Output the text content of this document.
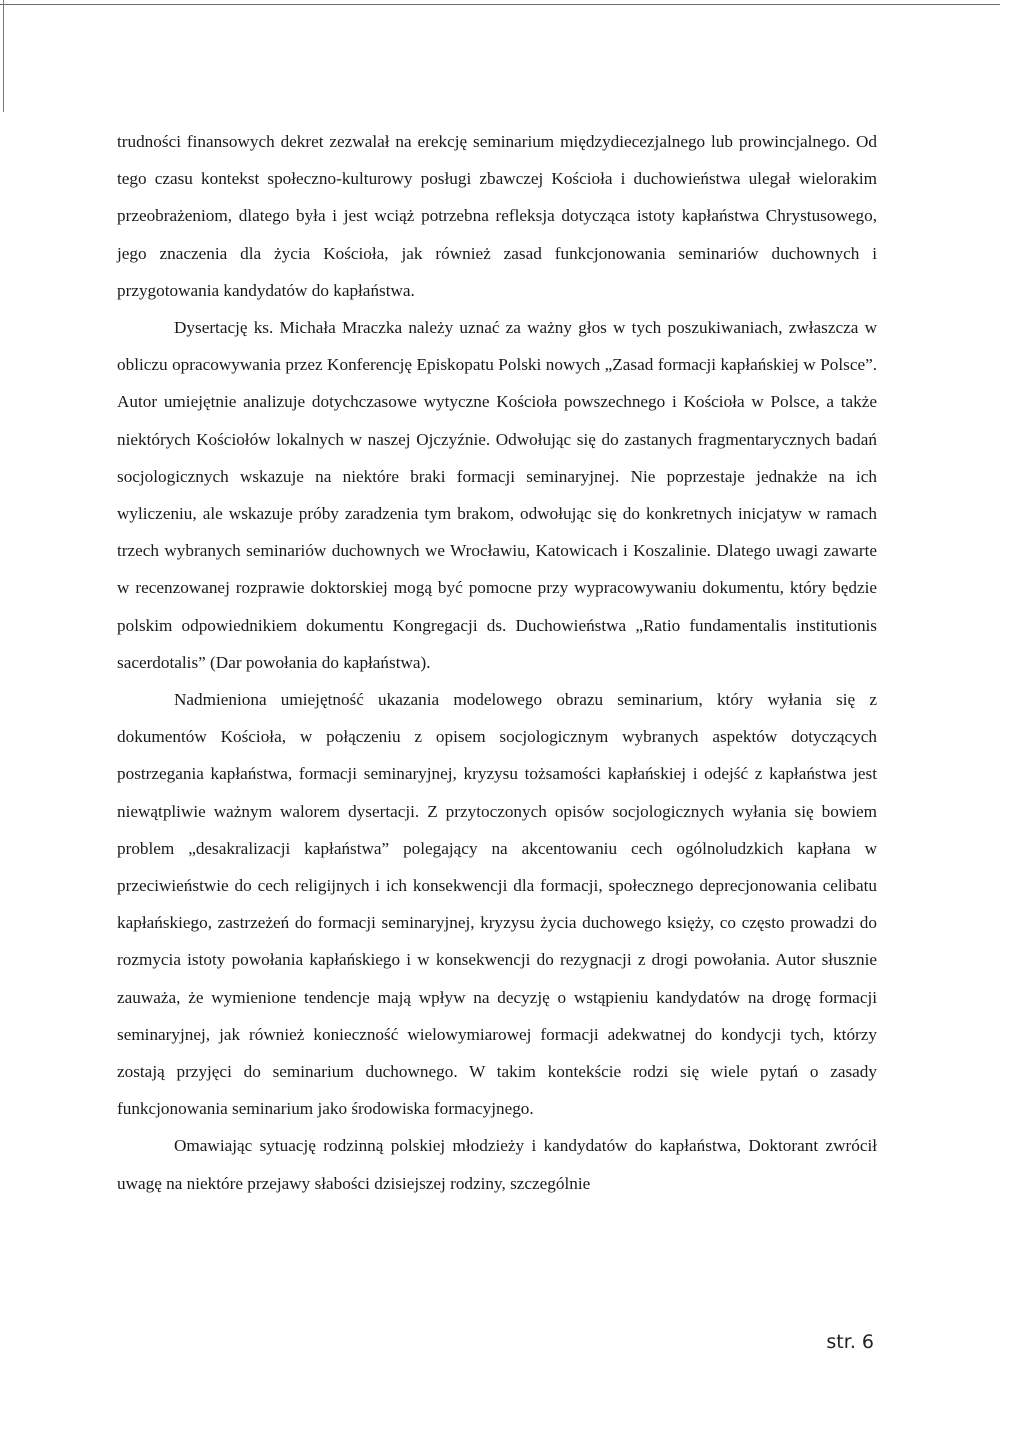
trudności finansowych dekret zezwalał na erekcję seminarium międzydiecezjalnego lub prowincjalnego. Od tego czasu kontekst społeczno-kulturowy posługi zbawczej Kościoła i duchowieństwa ulegał wielorakim przeobrażeniom, dlatego była i jest wciąż potrzebna refleksja dotycząca istoty kapłaństwa Chrystusowego, jego znaczenia dla życia Kościoła, jak również zasad funkcjonowania seminariów duchownych i przygotowania kandydatów do kapłaństwa.

Dysertację ks. Michała Mraczka należy uznać za ważny głos w tych poszukiwaniach, zwłaszcza w obliczu opracowywania przez Konferencję Episkopatu Polski nowych „Zasad formacji kapłańskiej w Polsce”. Autor umiejętnie analizuje dotychczasowe wytyczne Kościoła powszechnego i Kościoła w Polsce, a także niektórych Kościołów lokalnych w naszej Ojczyźnie. Odwołując się do zastanych fragmentarycznych badań socjologicznych wskazuje na niektóre braki formacji seminaryjnej. Nie poprzestaje jednakże na ich wyliczeniu, ale wskazuje próby zaradzenia tym brakom, odwołując się do konkretnych inicjatyw w ramach trzech wybranych seminariów duchownych we Wrocławiu, Katowicach i Koszalinie. Dlatego uwagi zawarte w recenzowanej rozprawie doktorskiej mogą być pomocne przy wypracowywaniu dokumentu, który będzie polskim odpowiednikiem dokumentu Kongregacji ds. Duchowieństwa „Ratio fundamentalis institutionis sacerdotalis” (Dar powołania do kapłaństwa).

Nadmieniona umiejętność ukazania modelowego obrazu seminarium, który wyłania się z dokumentów Kościoła, w połączeniu z opisem socjologicznym wybranych aspektów dotyczących postrzegania kapłaństwa, formacji seminaryjnej, kryzysu tożsamości kapłańskiej i odejść z kapłaństwa jest niewątpliwie ważnym walorem dysertacji. Z przytoczonych opisów socjologicznych wyłania się bowiem problem „desakralizacji kapłaństwa” polegający na akcentowaniu cech ogólnoludzkich kapłana w przeciwieństwie do cech religijnych i ich konsekwencji dla formacji, społecznego deprecjonowania celibatu kapłańskiego, zastrzeżeń do formacji seminaryjnej, kryzysu życia duchowego księży, co często prowadzi do rozmycia istoty powołania kapłańskiego i w konsekwencji do rezygnacji z drogi powołania. Autor słusznie zauważa, że wymienione tendencje mają wpływ na decyzję o wstąpieniu kandydatów na drogę formacji seminaryjnej, jak również konieczność wielowymiarowej formacji adekwatnej do kondycji tych, którzy zostają przyjęci do seminarium duchownego. W takim kontekście rodzi się wiele pytań o zasady funkcjonowania seminarium jako środowiska formacyjnego.

Omawiając sytuację rodzinną polskiej młodzieży i kandydatów do kapłaństwa, Doktorant zwrócił uwagę na niektóre przejawy słabości dzisiejszej rodziny, szczególnie

str. 6
